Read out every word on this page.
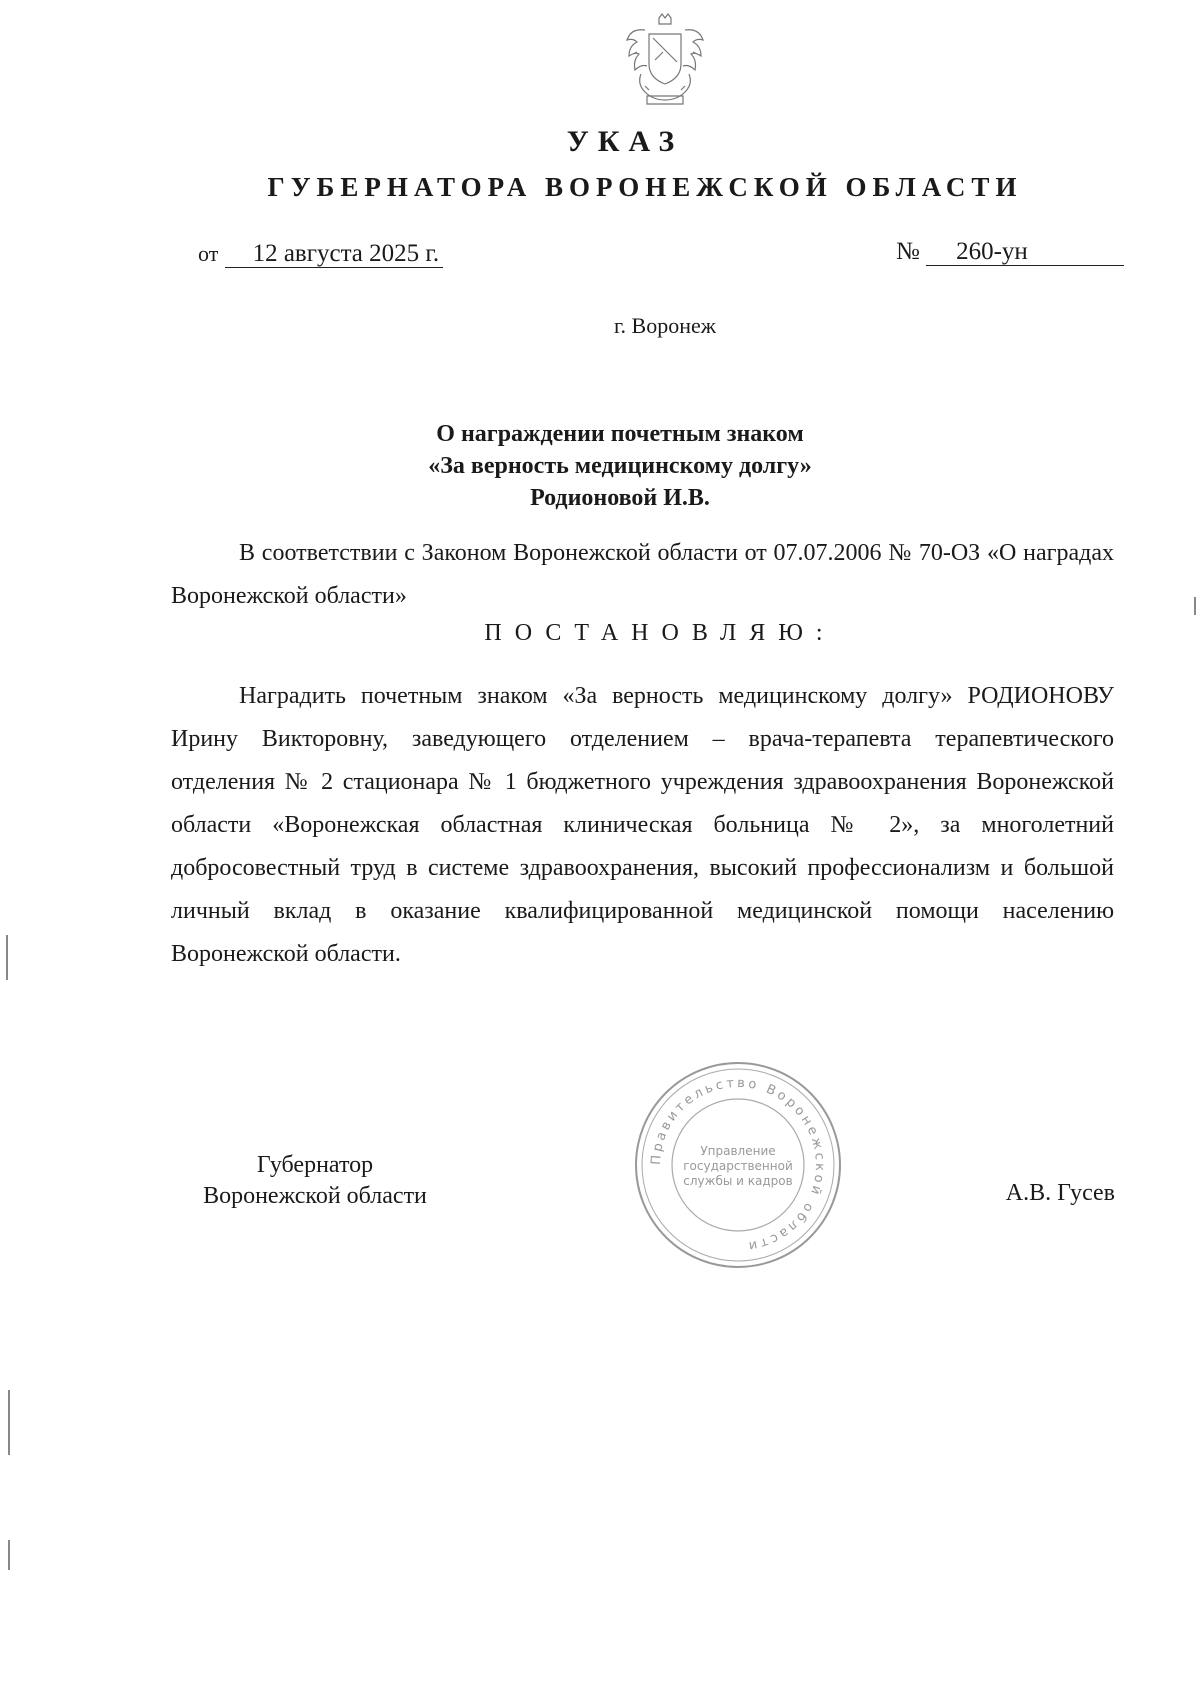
УКАЗ
ГУБЕРНАТОРА ВОРОНЕЖСКОЙ ОБЛАСТИ
от 12 августа 2025 г.	№ 260-ун
г. Воронеж
О награждении почетным знаком
«За верность медицинскому долгу»
Родионовой И.В.
В соответствии с Законом Воронежской области от 07.07.2006 № 70-ОЗ «О наградах Воронежской области»
ПОСТАНОВЛЯЮ:
Наградить почетным знаком «За верность медицинскому долгу» РОДИОНОВУ Ирину Викторовну, заведующего отделением – врача-терапевта терапевтического отделения № 2 стационара № 1 бюджетного учреждения здравоохранения Воронежской области «Воронежская областная клиническая больница № 2», за многолетний добросовестный труд в системе здравоохранения, высокий профессионализм и большой личный вклад в оказание квалифицированной медицинской помощи населению Воронежской области.
Губернатор
Воронежской области
Правительство Воронежской области
Управление
государственной
службы и кадров	А.В. Гусев
